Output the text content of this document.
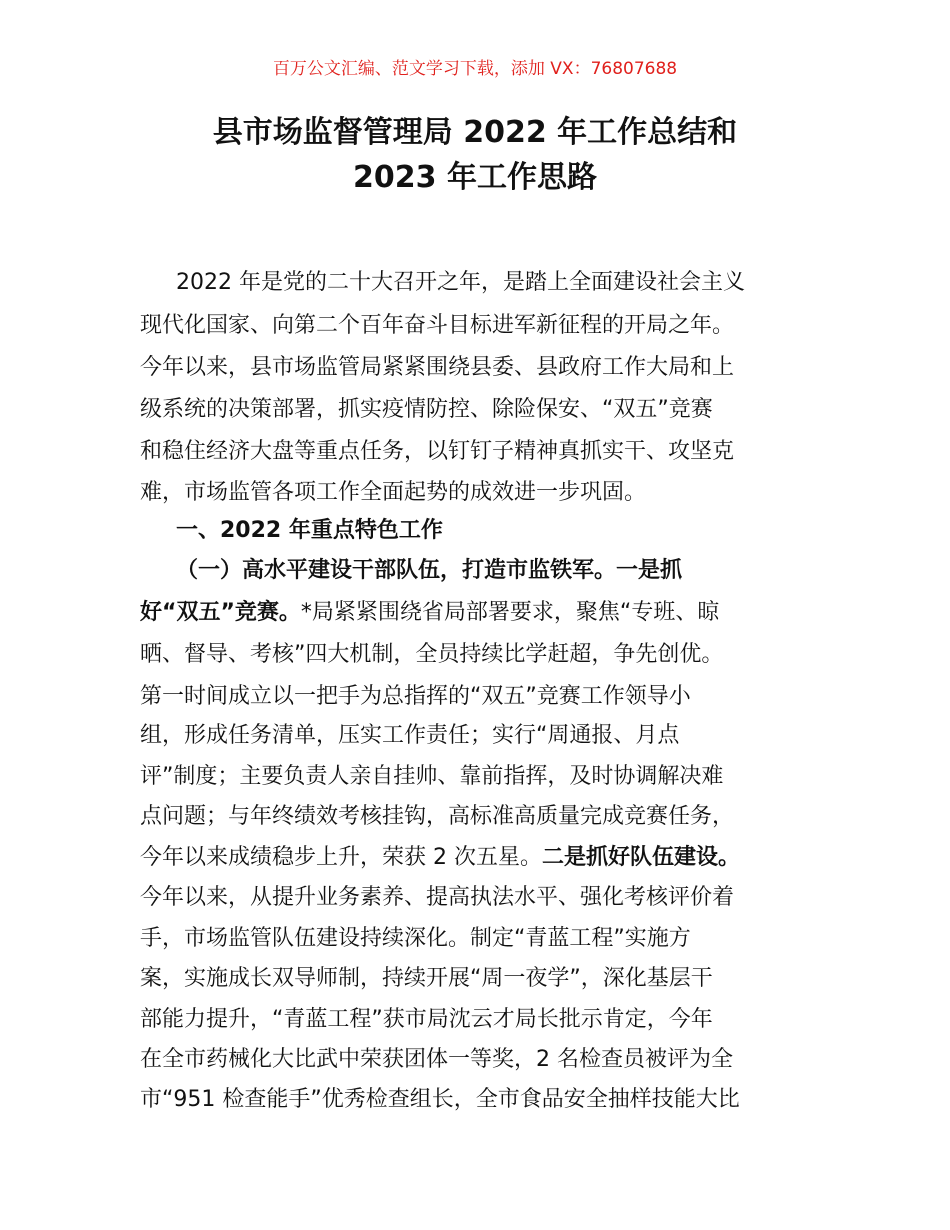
百万公文汇编、范文学习下载，添加 VX：76807688
县市场监督管理局 2022 年工作总结和
2023 年工作思路
2022 年是党的二十大召开之年，是踏上全面建设社会主义
现代化国家、向第二个百年奋斗目标进军新征程的开局之年。
今年以来，县市场监管局紧紧围绕县委、县政府工作大局和上
级系统的决策部署，抓实疫情防控、除险保安、“双五”竞赛
和稳住经济大盘等重点任务，以钉钉子精神真抓实干、攻坚克
难，市场监管各项工作全面起势的成效进一步巩固。
一、2022 年重点特色工作
（一）高水平建设干部队伍，打造市监铁军。一是抓
好“双五”竞赛。*局紧紧围绕省局部署要求，聚焦“专班、晾
晒、督导、考核”四大机制，全员持续比学赶超，争先创优。
第一时间成立以一把手为总指挥的“双五”竞赛工作领导小
组，形成任务清单，压实工作责任；实行“周通报、月点
评”制度；主要负责人亲自挂帅、靠前指挥，及时协调解决难
点问题；与年终绩效考核挂钩，高标准高质量完成竞赛任务，
今年以来成绩稳步上升，荣获 2 次五星。二是抓好队伍建设。
今年以来，从提升业务素养、提高执法水平、强化考核评价着
手，市场监管队伍建设持续深化。制定“青蓝工程”实施方
案，实施成长双导师制，持续开展“周一夜学”，深化基层干
部能力提升，“青蓝工程”获市局沈云才局长批示肯定，今年
在全市药械化大比武中荣获团体一等奖，2 名检查员被评为全
市“951 检查能手”优秀检查组长，全市食品安全抽样技能大比
